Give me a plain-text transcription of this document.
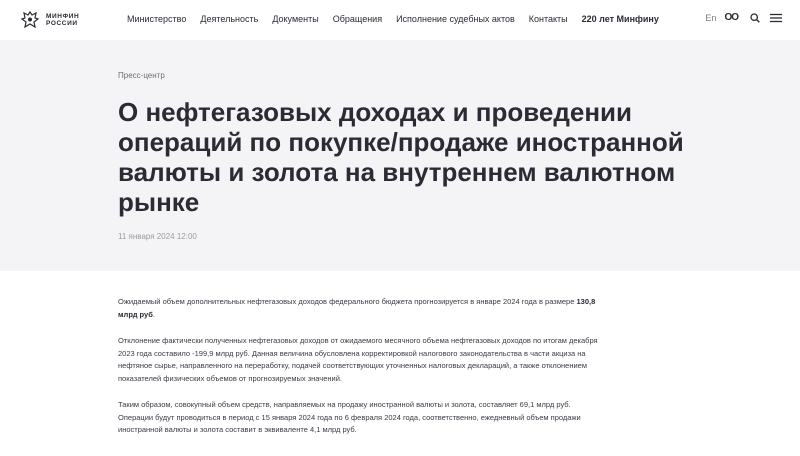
МИНФИН
РОССИИ	Министерство Деятельность Документы Обращения Исполнение судебных актов Контакты 220 лет Минфину	En OO
Пресс-центр
О нефтегазовых доходах и проведении операций по покупке/продаже иностранной валюты и золота на внутреннем валютном рынке
11 января 2024 12:00

Ожидаемый объем дополнительных нефтегазовых доходов федерального бюджета прогнозируется в январе 2024 года в размере 130,8 млрд руб.

Отклонение фактически полученных нефтегазовых доходов от ожидаемого месячного объема нефтегазовых доходов по итогам декабря 2023 года составило -199,9 млрд руб. Данная величина обусловлена корректировкой налогового законодательства в части акциза на нефтяное сырье, направленного на переработку, подачей соответствующих уточненных налоговых деклараций, а также отклонением показателей физических объемов от прогнозируемых значений.

Таким образом, совокупный объем средств, направляемых на продажу иностранной валюты и золота, составляет 69,1 млрд руб. Операции будут проводиться в период с 15 января 2024 года по 6 февраля 2024 года, соответственно, ежедневный объем продажи иностранной валюты и золота составит в эквиваленте 4,1 млрд руб.
